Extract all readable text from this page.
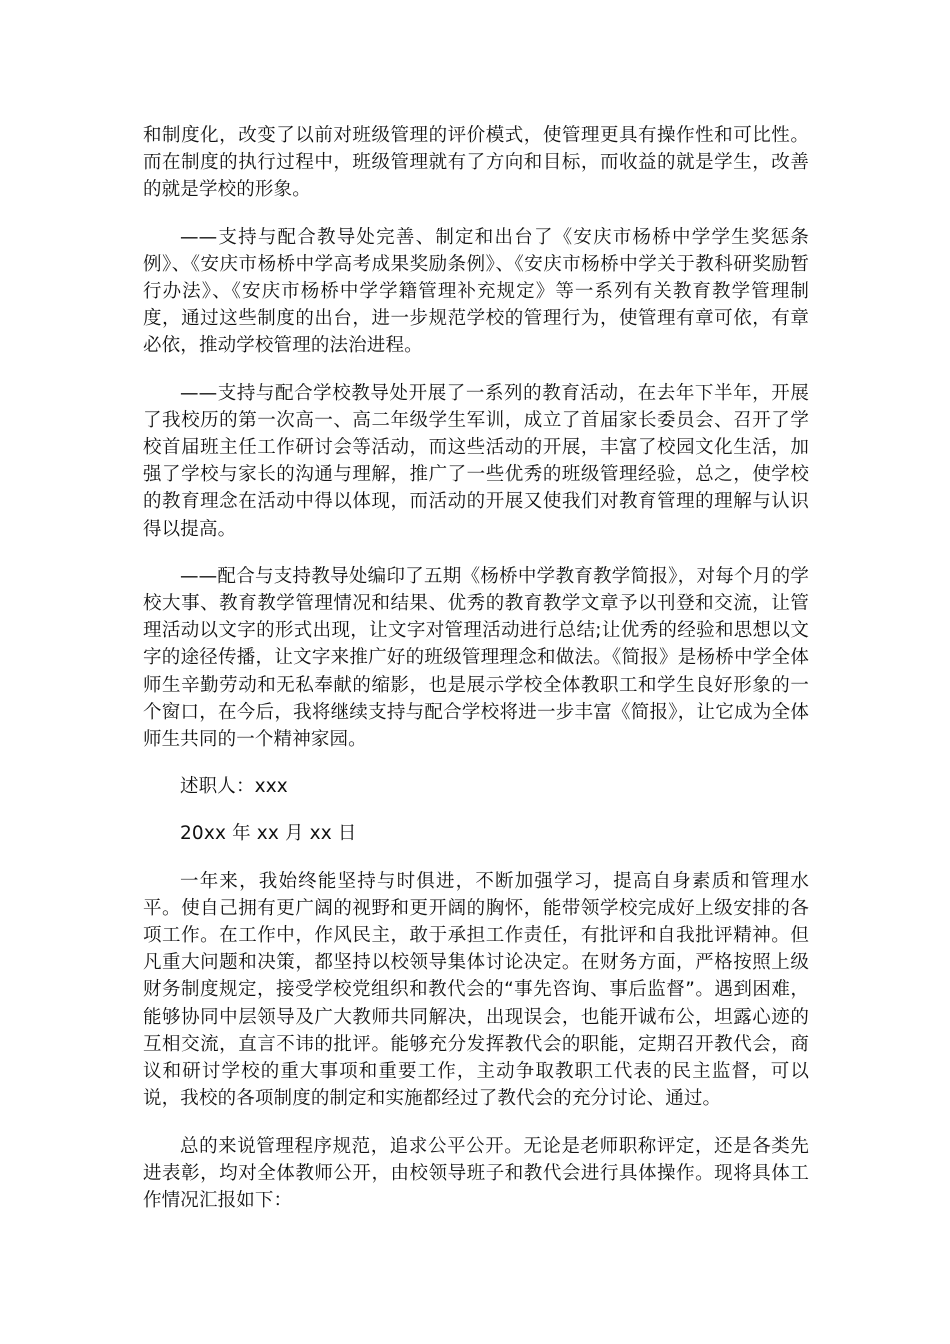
和制度化，改变了以前对班级管理的评价模式，使管理更具有操作性和可比性。而在制度的执行过程中，班级管理就有了方向和目标，而收益的就是学生，改善的就是学校的形象。

——支持与配合教导处完善、制定和出台了《安庆市杨桥中学学生奖惩条例》、《安庆市杨桥中学高考成果奖励条例》、《安庆市杨桥中学关于教科研奖励暂行办法》、《安庆市杨桥中学学籍管理补充规定》等一系列有关教育教学管理制度，通过这些制度的出台，进一步规范学校的管理行为，使管理有章可依，有章必依，推动学校管理的法治进程。

——支持与配合学校教导处开展了一系列的教育活动，在去年下半年，开展了我校历的第一次高一、高二年级学生军训，成立了首届家长委员会、召开了学校首届班主任工作研讨会等活动，而这些活动的开展，丰富了校园文化生活，加强了学校与家长的沟通与理解，推广了一些优秀的班级管理经验，总之，使学校的教育理念在活动中得以体现，而活动的开展又使我们对教育管理的理解与认识得以提高。

——配合与支持教导处编印了五期《杨桥中学教育教学简报》，对每个月的学校大事、教育教学管理情况和结果、优秀的教育教学文章予以刊登和交流，让管理活动以文字的形式出现，让文字对管理活动进行总结;让优秀的经验和思想以文字的途径传播，让文字来推广好的班级管理理念和做法。《简报》是杨桥中学全体师生辛勤劳动和无私奉献的缩影，也是展示学校全体教职工和学生良好形象的一个窗口，在今后，我将继续支持与配合学校将进一步丰富《简报》，让它成为全体师生共同的一个精神家园。

述职人：xxx

20xx 年 xx 月 xx 日

一年来，我始终能坚持与时俱进，不断加强学习，提高自身素质和管理水平。使自己拥有更广阔的视野和更开阔的胸怀，能带领学校完成好上级安排的各项工作。在工作中，作风民主，敢于承担工作责任，有批评和自我批评精神。但凡重大问题和决策，都坚持以校领导集体讨论决定。在财务方面，严格按照上级财务制度规定，接受学校党组织和教代会的“事先咨询、事后监督”。遇到困难，能够协同中层领导及广大教师共同解决，出现误会，也能开诚布公，坦露心迹的互相交流，直言不讳的批评。能够充分发挥教代会的职能，定期召开教代会，商议和研讨学校的重大事项和重要工作，主动争取教职工代表的民主监督，可以说，我校的各项制度的制定和实施都经过了教代会的充分讨论、通过。

总的来说管理程序规范，追求公平公开。无论是老师职称评定，还是各类先进表彰，均对全体教师公开，由校领导班子和教代会进行具体操作。现将具体工作情况汇报如下：
